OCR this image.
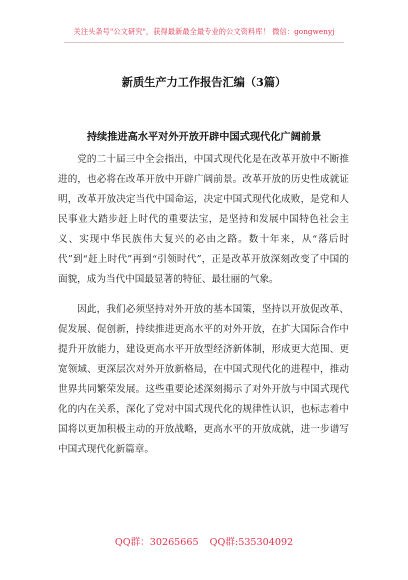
关注头条号"公文研究"，获得最新最全最专业的公文资料库！ 微信：gongwenyj
新质生产力工作报告汇编（3篇）
持续推进高水平对外开放开辟中国式现代化广阔前景

党的二十届三中全会指出，中国式现代化是在改革开放中不断推进的，也必将在改革开放中开辟广阔前景。改革开放的历史性成就证明，改革开放决定当代中国命运，决定中国式现代化成败，是党和人民事业大踏步赶上时代的重要法宝，是坚持和发展中国特色社会主义、实现中华民族伟大复兴的必由之路。数十年来，从“落后时代”到“赶上时代”再到“引领时代”，正是改革开放深刻改变了中国的面貌，成为当代中国最显著的特征、最壮丽的气象。

因此，我们必须坚持对外开放的基本国策，坚持以开放促改革、促发展、促创新，持续推进更高水平的对外开放，在扩大国际合作中提升开放能力，建设更高水平开放型经济新体制，形成更大范围、更宽领域、更深层次对外开放新格局，在中国式现代化的进程中，推动世界共同繁荣发展。这些重要论述深刻揭示了对外开放与中国式现代化的内在关系，深化了党对中国式现代化的规律性认识，也标志着中国将以更加积极主动的开放战略，更高水平的开放成就，进一步谱写中国式现代化新篇章。

QQ群：30265665 QQ群:535304092
